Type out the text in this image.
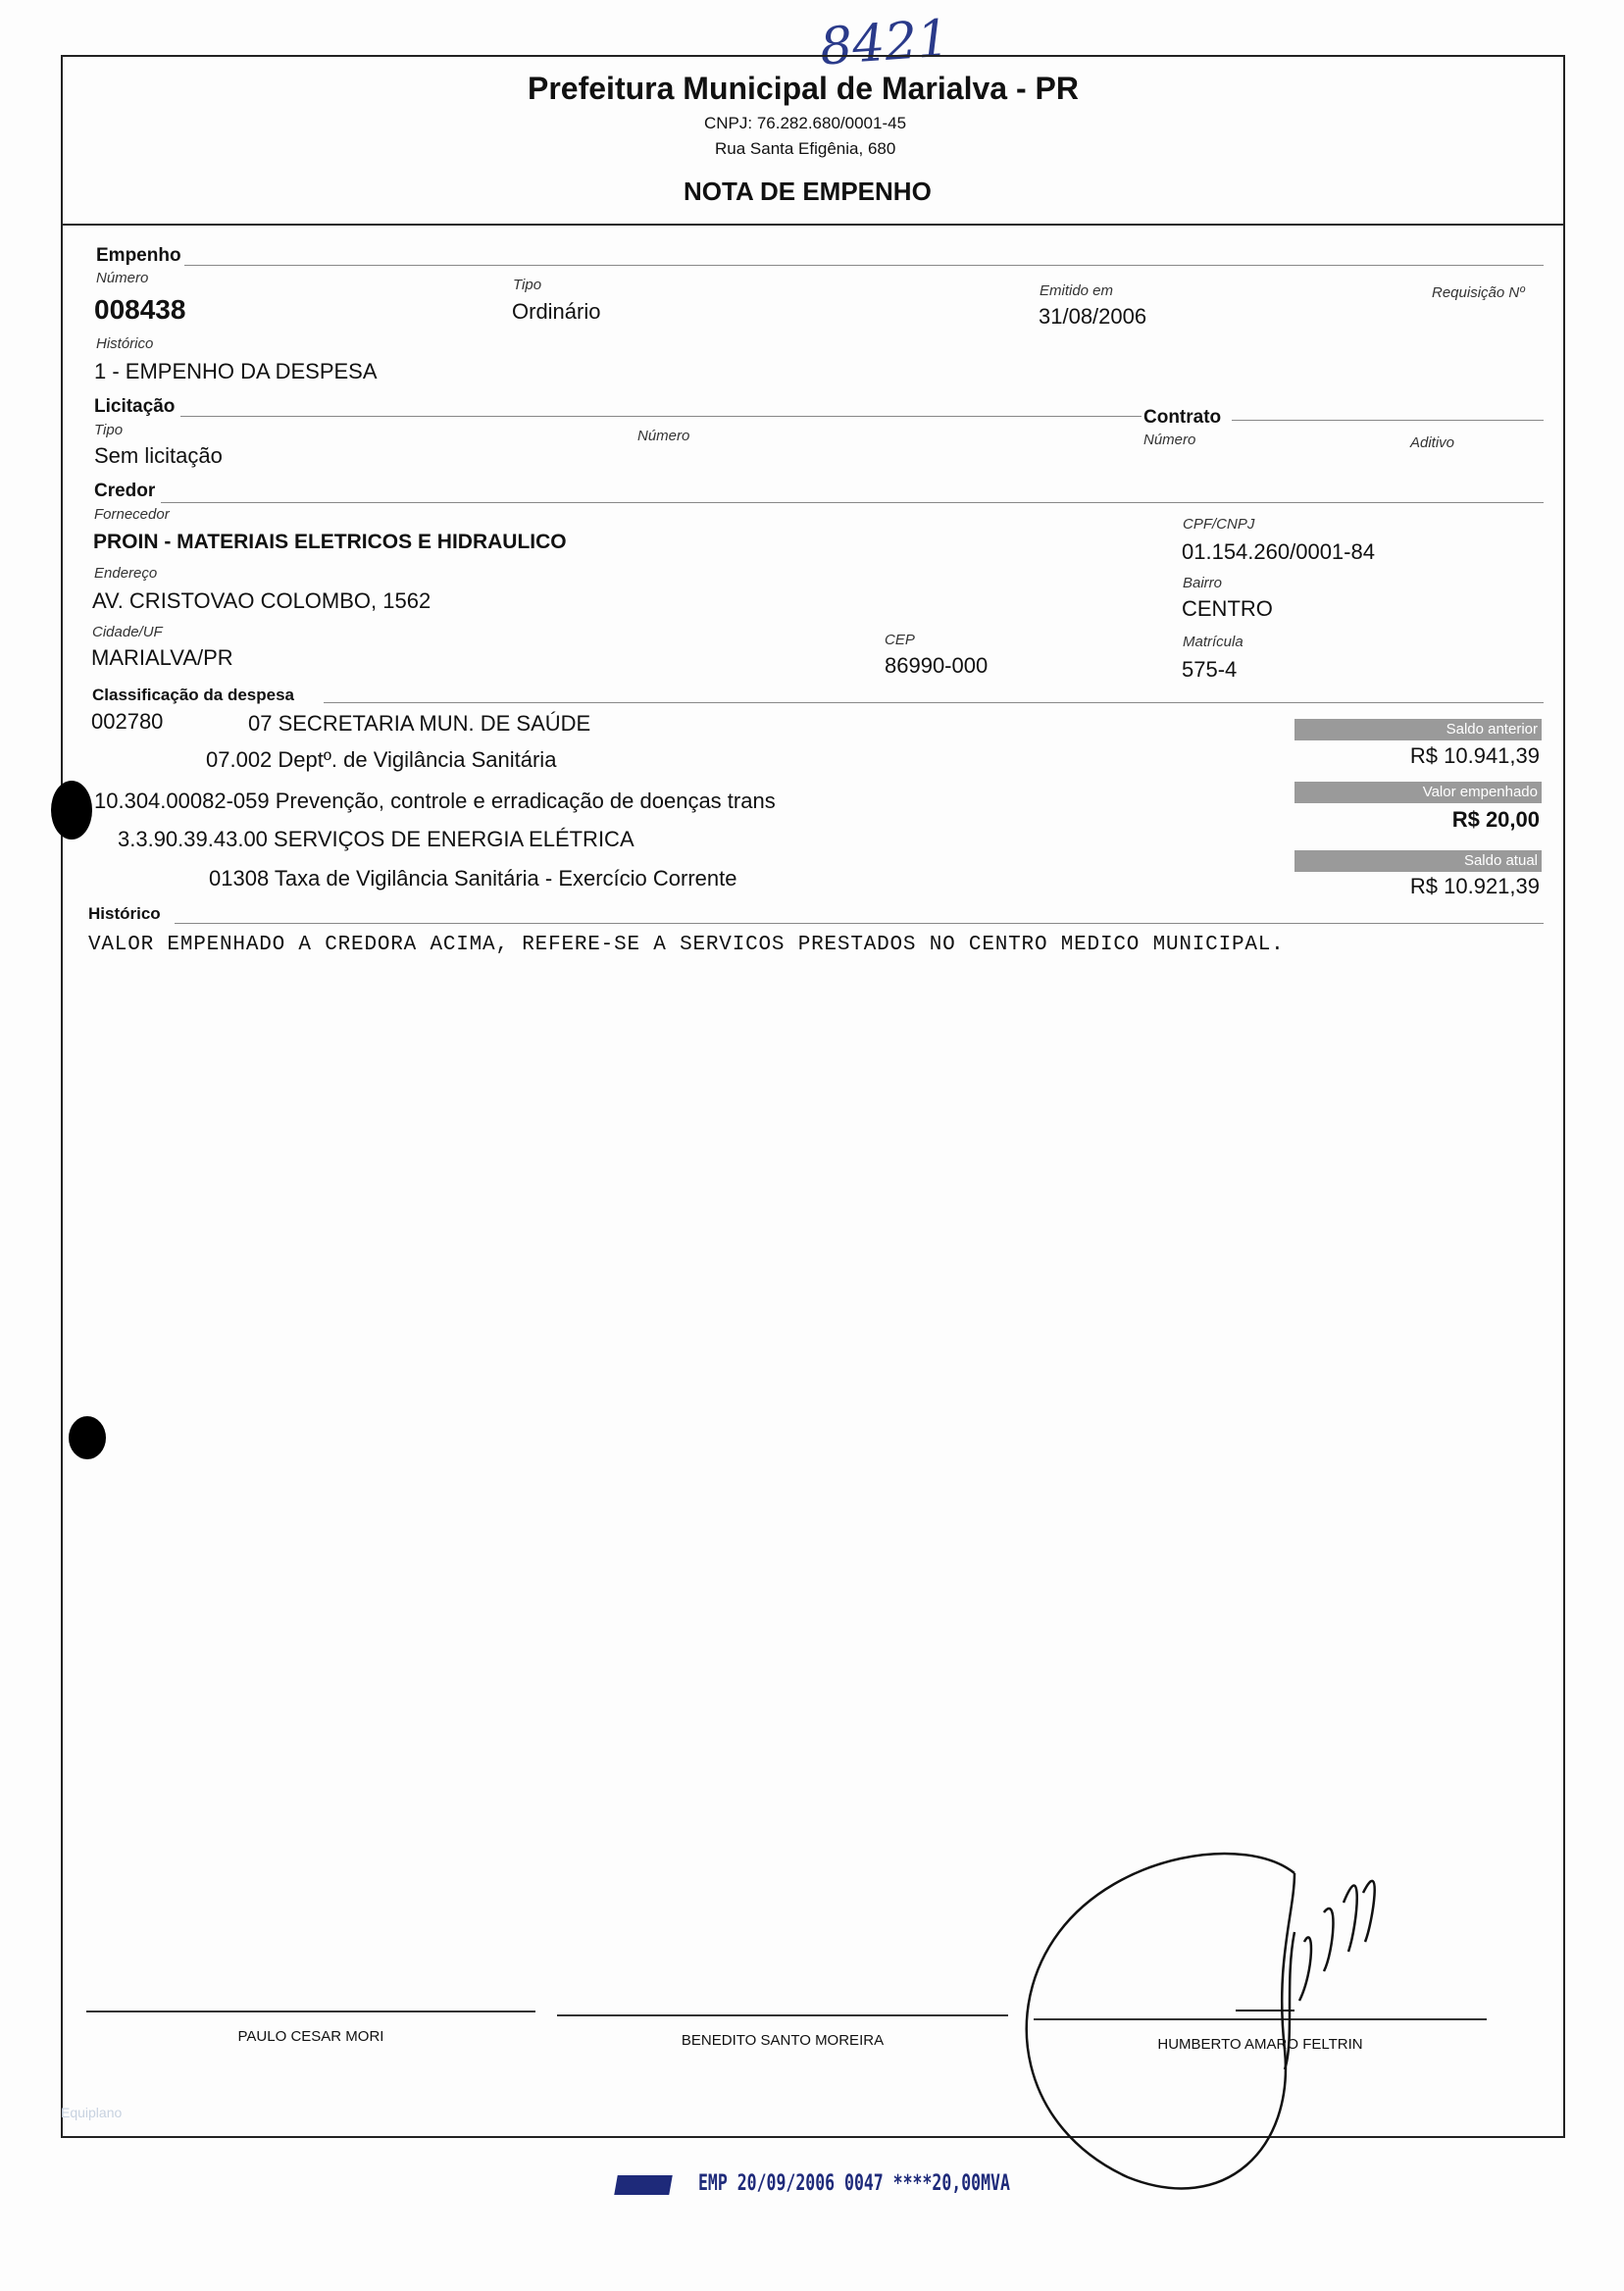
8421
Prefeitura Municipal de Marialva - PR
CNPJ: 76.282.680/0001-45
Rua Santa Efigênia, 680
NOTA DE EMPENHO
Empenho
Número
008438
Tipo
Ordinário
Emitido em
31/08/2006
Requisição Nº
Histórico
1 - EMPENHO DA DESPESA
Licitação
Tipo
Sem licitação
Número
Contrato
Número	Aditivo
Credor
Fornecedor
PROIN - MATERIAIS ELETRICOS E HIDRAULICO
CPF/CNPJ
01.154.260/0001-84
Endereço
AV. CRISTOVAO COLOMBO, 1562
Bairro
CENTRO
Cidade/UF
MARIALVA/PR
CEP
86990-000
Matrícula
575-4
Classificação da despesa
002780	07 SECRETARIA MUN. DE SAÚDE
07.002 Deptº. de Vigilância Sanitária
10.304.00082-059 Prevenção, controle e erradicação de doenças trans
3.3.90.39.43.00 SERVIÇOS DE ENERGIA ELÉTRICA
01308 Taxa de Vigilância Sanitária - Exercício Corrente
Saldo anterior
R$ 10.941,39
Valor empenhado
R$ 20,00
Saldo atual
R$ 10.921,39
Histórico
VALOR EMPENHADO A CREDORA ACIMA, REFERE-SE A SERVICOS PRESTADOS NO CENTRO MEDICO MUNICIPAL.
PAULO CESAR MORI	BENEDITO SANTO MOREIRA	HUMBERTO AMARO FELTRIN
Equiplano
EMP 20/09/2006 0047 ****20,00MVA
